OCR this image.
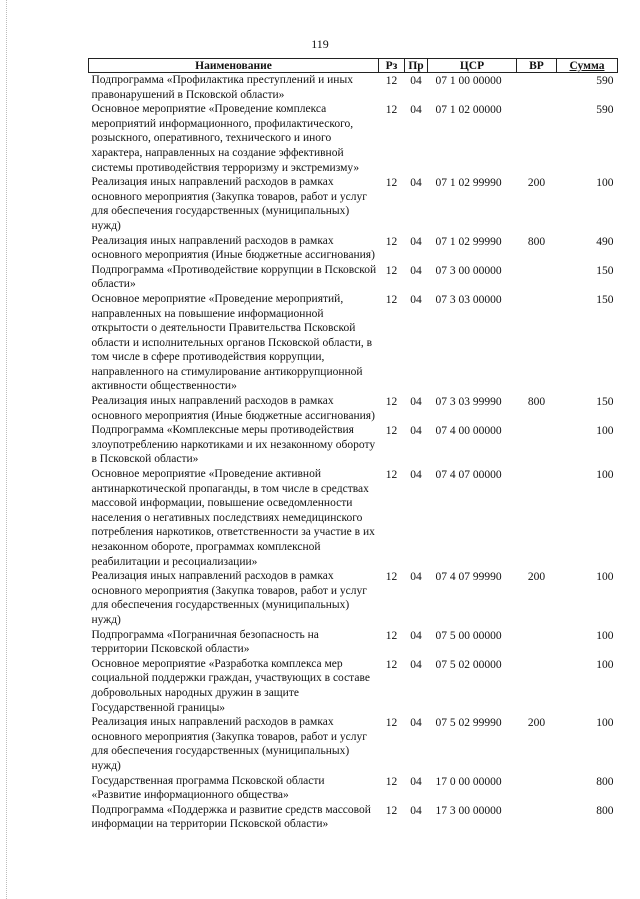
119
Наименование	Рз	Пр	ЦСР	ВР	Сумма
Подпрограмма «Профилактика преступлений и иных правонарушений в Псковской области»	12	04	07 1 00 00000		590
Основное мероприятие «Проведение комплекса мероприятий информационного, профилактического, розыскного, оперативного, технического и иного характера, направленных на создание эффективной системы противодействия терроризму и экстремизму»	12	04	07 1 02 00000		590
Реализация иных направлений расходов в рамках основного мероприятия (Закупка товаров, работ и услуг для обеспечения государственных (муниципальных) нужд)	12	04	07 1 02 99990	200	100
Реализация иных направлений расходов в рамках основного мероприятия (Иные бюджетные ассигнования)	12	04	07 1 02 99990	800	490
Подпрограмма «Противодействие коррупции в Псковской области»	12	04	07 3 00 00000		150
Основное мероприятие «Проведение мероприятий, направленных на повышение информационной открытости о деятельности Правительства Псковской области и исполнительных органов Псковской области, в том числе в сфере противодействия коррупции, направленного на стимулирование антикоррупционной активности общественности»	12	04	07 3 03 00000		150
Реализация иных направлений расходов в рамках основного мероприятия (Иные бюджетные ассигнования)	12	04	07 3 03 99990	800	150
Подпрограмма «Комплексные меры противодействия злоупотреблению наркотиками и их незаконному обороту в Псковской области»	12	04	07 4 00 00000		100
Основное мероприятие «Проведение активной антинаркотической пропаганды, в том числе в средствах массовой информации, повышение осведомленности населения о негативных последствиях немедицинского потребления наркотиков, ответственности за участие в их незаконном обороте, программах комплексной реабилитации и ресоциализации»	12	04	07 4 07 00000		100
Реализация иных направлений расходов в рамках основного мероприятия (Закупка товаров, работ и услуг для обеспечения государственных (муниципальных) нужд)	12	04	07 4 07 99990	200	100
Подпрограмма «Пограничная безопасность на территории Псковской области»	12	04	07 5 00 00000		100
Основное мероприятие «Разработка комплекса мер социальной поддержки граждан, участвующих в составе добровольных народных дружин в защите Государственной границы»	12	04	07 5 02 00000		100
Реализация иных направлений расходов в рамках основного мероприятия (Закупка товаров, работ и услуг для обеспечения государственных (муниципальных) нужд)	12	04	07 5 02 99990	200	100
Государственная программа Псковской области «Развитие информационного общества»	12	04	17 0 00 00000		800
Подпрограмма «Поддержка и развитие средств массовой информации на территории Псковской области»	12	04	17 3 00 00000		800
